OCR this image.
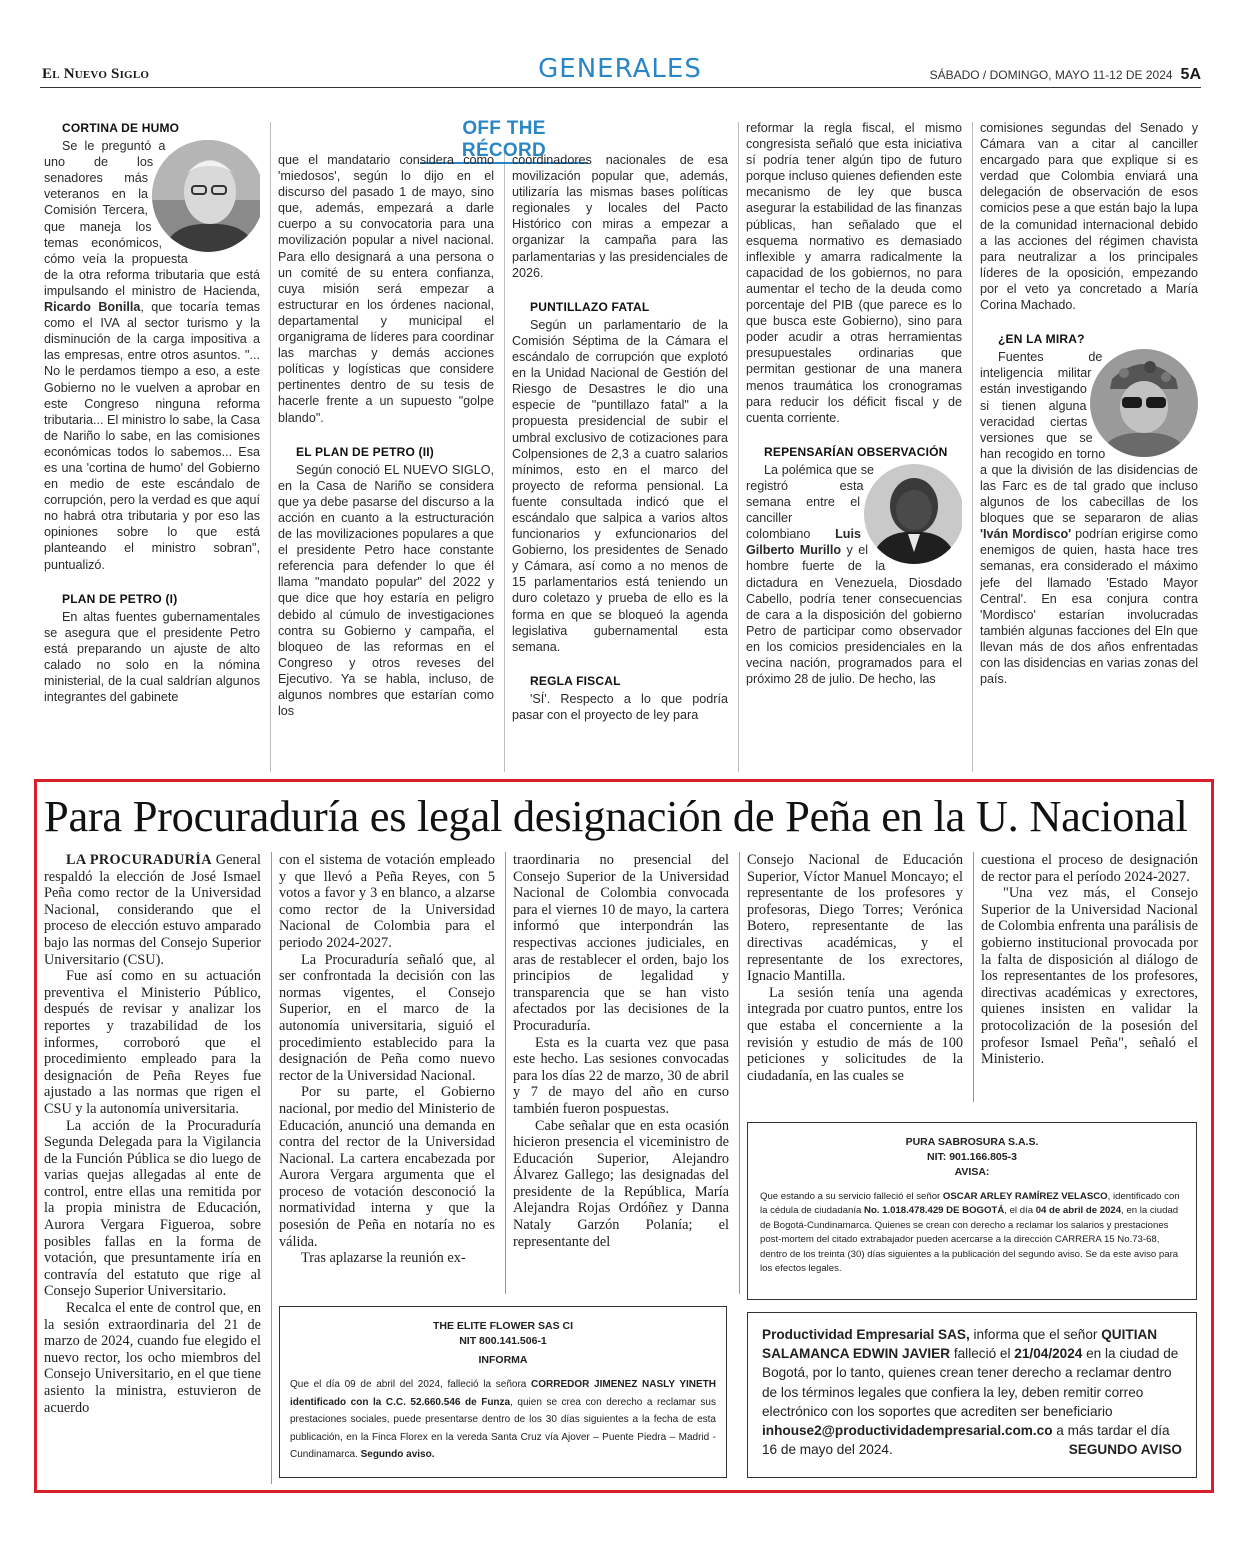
El Nuevo Siglo	GENERALES	SÁBADO / DOMINGO, MAYO 11-12 DE 2024 5A
OFF THE RÉCORD
CORTINA DE HUMO

Se le preguntó a uno de los senadores más veteranos en la Comisión Tercera, que maneja los temas económicos, cómo veía la propuesta de la otra reforma tributaria que está impulsando el ministro de Hacienda, Ricardo Bonilla, que tocaría temas como el IVA al sector turismo y la disminución de la carga impositiva a las empresas, entre otros asuntos. "... No le perdamos tiempo a eso, a este Gobierno no le vuelven a aprobar en este Congreso ninguna reforma tributaria... El ministro lo sabe, la Casa de Nariño lo sabe, en las comisiones económicas todos lo sabemos... Esa es una 'cortina de humo' del Gobierno en medio de este escándalo de corrupción, pero la verdad es que aquí no habrá otra tributaria y por eso las opiniones sobre lo que está planteando el ministro sobran", puntualizó.

PLAN DE PETRO (I)

En altas fuentes gubernamentales se asegura que el presidente Petro está preparando un ajuste de alto calado no solo en la nómina ministerial, de la cual saldrían algunos integrantes del gabinete

que el mandatario considera como 'miedosos', según lo dijo en el discurso del pasado 1 de mayo, sino que, además, empezará a darle cuerpo a su convocatoria para una movilización popular a nivel nacional. Para ello designará a una persona o un comité de su entera confianza, cuya misión será empezar a estructurar en los órdenes nacional, departamental y municipal el organigrama de líderes para coordinar las marchas y demás acciones políticas y logísticas que considere pertinentes dentro de su tesis de hacerle frente a un supuesto "golpe blando".

EL PLAN DE PETRO (II)

Según conoció EL NUEVO SIGLO, en la Casa de Nariño se considera que ya debe pasarse del discurso a la acción en cuanto a la estructuración de las movilizaciones populares a que el presidente Petro hace constante referencia para defender lo que él llama "mandato popular" del 2022 y que dice que hoy estaría en peligro debido al cúmulo de investigaciones contra su Gobierno y campaña, el bloqueo de las reformas en el Congreso y otros reveses del Ejecutivo. Ya se habla, incluso, de algunos nombres que estarían como los

coordinadores nacionales de esa movilización popular que, además, utilizaría las mismas bases políticas regionales y locales del Pacto Histórico con miras a empezar a organizar la campaña para las parlamentarias y las presidenciales de 2026.

PUNTILLAZO FATAL

Según un parlamentario de la Comisión Séptima de la Cámara el escándalo de corrupción que explotó en la Unidad Nacional de Gestión del Riesgo de Desastres le dio una especie de "puntillazo fatal" a la propuesta presidencial de subir el umbral exclusivo de cotizaciones para Colpensiones de 2,3 a cuatro salarios mínimos, esto en el marco del proyecto de reforma pensional. La fuente consultada indicó que el escándalo que salpica a varios altos funcionarios y exfuncionarios del Gobierno, los presidentes de Senado y Cámara, así como a no menos de 15 parlamentarios está teniendo un duro coletazo y prueba de ello es la forma en que se bloqueó la agenda legislativa gubernamental esta semana.

REGLA FISCAL

'SÍ'. Respecto a lo que podría pasar con el proyecto de ley para

reformar la regla fiscal, el mismo congresista señaló que esta iniciativa sí podría tener algún tipo de futuro porque incluso quienes defienden este mecanismo de ley que busca asegurar la estabilidad de las finanzas públicas, han señalado que el esquema normativo es demasiado inflexible y amarra radicalmente la capacidad de los gobiernos, no para aumentar el techo de la deuda como porcentaje del PIB (que parece es lo que busca este Gobierno), sino para poder acudir a otras herramientas presupuestales ordinarias que permitan gestionar de una manera menos traumática los cronogramas para reducir los déficit fiscal y de cuenta corriente.

REPENSARÍAN OBSERVACIÓN

La polémica que se registró esta semana entre el canciller colombiano Luis Gilberto Murillo y el hombre fuerte de la dictadura en Venezuela, Diosdado Cabello, podría tener consecuencias de cara a la disposición del gobierno Petro de participar como observador en los comicios presidenciales en la vecina nación, programados para el próximo 28 de julio. De hecho, las

comisiones segundas del Senado y Cámara van a citar al canciller encargado para que explique si es verdad que Colombia enviará una delegación de observación de esos comicios pese a que están bajo la lupa de la comunidad internacional debido a las acciones del régimen chavista para neutralizar a los principales líderes de la oposición, empezando por el veto ya concretado a María Corina Machado.

¿EN LA MIRA?

Fuentes de inteligencia militar están investigando si tienen alguna veracidad ciertas versiones que se han recogido en torno a que la división de las disidencias de las Farc es de tal grado que incluso algunos de los cabecillas de los bloques que se separaron de alias 'Iván Mordisco' podrían erigirse como enemigos de quien, hasta hace tres semanas, era considerado el máximo jefe del llamado 'Estado Mayor Central'. En esa conjura contra 'Mordisco' estarían involucradas también algunas facciones del Eln que llevan más de dos años enfrentadas con las disidencias en varias zonas del país.

Para Procuraduría es legal designación de Peña en la U. Nacional

LA PROCURADURÍA General respaldó la elección de José Ismael Peña como rector de la Universidad Nacional, considerando que el proceso de elección estuvo amparado bajo las normas del Consejo Superior Universitario (CSU).

Fue así como en su actuación preventiva el Ministerio Público, después de revisar y analizar los reportes y trazabilidad de los informes, corroboró que el procedimiento empleado para la designación de Peña Reyes fue ajustado a las normas que rigen el CSU y la autonomía universitaria.

La acción de la Procuraduría Segunda Delegada para la Vigilancia de la Función Pública se dio luego de varias quejas allegadas al ente de control, entre ellas una remitida por la propia ministra de Educación, Aurora Vergara Figueroa, sobre posibles fallas en la forma de votación, que presuntamente iría en contravía del estatuto que rige al Consejo Superior Universitario.

Recalca el ente de control que, en la sesión extraordinaria del 21 de marzo de 2024, cuando fue elegido el nuevo rector, los ocho miembros del Consejo Universitario, en el que tiene asiento la ministra, estuvieron de acuerdo

con el sistema de votación empleado y que llevó a Peña Reyes, con 5 votos a favor y 3 en blanco, a alzarse como rector de la Universidad Nacional de Colombia para el periodo 2024-2027.

La Procuraduría señaló que, al ser confrontada la decisión con las normas vigentes, el Consejo Superior, en el marco de la autonomía universitaria, siguió el procedimiento establecido para la designación de Peña como nuevo rector de la Universidad Nacional.

Por su parte, el Gobierno nacional, por medio del Ministerio de Educación, anunció una demanda en contra del rector de la Universidad Nacional. La cartera encabezada por Aurora Vergara argumenta que el proceso de votación desconoció la normatividad interna y que la posesión de Peña en notaría no es válida.

Tras aplazarse la reunión ex-

traordinaria no presencial del Consejo Superior de la Universidad Nacional de Colombia convocada para el viernes 10 de mayo, la cartera informó que interpondrán las respectivas acciones judiciales, en aras de restablecer el orden, bajo los principios de legalidad y transparencia que se han visto afectados por las decisiones de la Procuraduría.

Esta es la cuarta vez que pasa este hecho. Las sesiones convocadas para los días 22 de marzo, 30 de abril y 7 de mayo del año en curso también fueron pospuestas.

Cabe señalar que en esta ocasión hicieron presencia el viceministro de Educación Superior, Alejandro Álvarez Gallego; las designadas del presidente de la República, María Alejandra Rojas Ordóñez y Danna Nataly Garzón Polanía; el representante del

Consejo Nacional de Educación Superior, Víctor Manuel Moncayo; el representante de los profesores y profesoras, Diego Torres; Verónica Botero, representante de las directivas académicas, y el representante de los exrectores, Ignacio Mantilla.

La sesión tenía una agenda integrada por cuatro puntos, entre los que estaba el concerniente a la revisión y estudio de más de 100 peticiones y solicitudes de la ciudadanía, en las cuales se

cuestiona el proceso de designación de rector para el período 2024-2027.

"Una vez más, el Consejo Superior de la Universidad Nacional de Colombia enfrenta una parálisis de gobierno institucional provocada por la falta de disposición al diálogo de los representantes de los profesores, directivas académicas y exrectores, quienes insisten en validar la protocolización de la posesión del profesor Ismael Peña", señaló el Ministerio.

PURA SABROSURA S.A.S.
NIT: 901.166.805-3
AVISA:
Que estando a su servicio falleció el señor OSCAR ARLEY RAMÍREZ VELASCO, identificado con la cédula de ciudadanía No. 1.018.478.429 DE BOGOTÁ, el día 04 de abril de 2024, en la ciudad de Bogotá-Cundinamarca. Quienes se crean con derecho a reclamar los salarios y prestaciones post-mortem del citado extrabajador pueden acercarse a la dirección CARRERA 15 No.73-68, dentro de los treinta (30) días siguientes a la publicación del segundo aviso. Se da este aviso para los efectos legales.
THE ELITE FLOWER SAS CI
NIT 800.141.506-1
INFORMA
Que el día 09 de abril del 2024, falleció la señora CORREDOR JIMENEZ NASLY YINETH identificado con la C.C. 52.660.546 de Funza, quien se crea con derecho a reclamar sus prestaciones sociales, puede presentarse dentro de los 30 días siguientes a la fecha de esta publicación, en la Finca Florex en la vereda Santa Cruz vía Ajover – Puente Piedra – Madrid - Cundinamarca. Segundo aviso.
Productividad Empresarial SAS, informa que el señor QUITIAN SALAMANCA EDWIN JAVIER falleció el 21/04/2024 en la ciudad de Bogotá, por lo tanto, quienes crean tener derecho a reclamar dentro de los términos legales que confiera la ley, deben remitir correo electrónico con los soportes que acrediten ser beneficiario inhouse2@productividadempresarial.com.co a más tardar el día 16 de mayo del 2024.	SEGUNDO AVISO
